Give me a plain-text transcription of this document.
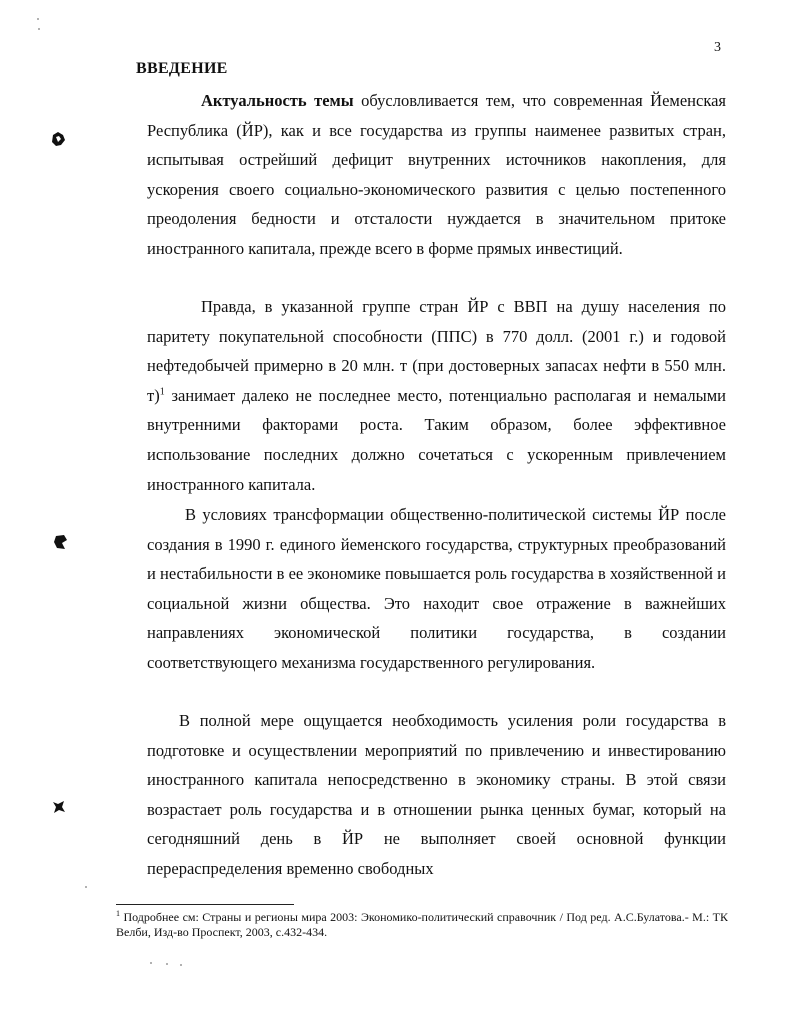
3
ВВЕДЕНИЕ

Актуальность темы обусловливается тем, что современная Йеменская Республика (ЙР), как и все государства из группы наименее развитых стран, испытывая острейший дефицит внутренних источников накопления, для ускорения своего социально-экономического развития с целью постепенного преодоления бедности и отсталости нуждается в значительном притоке иностранного капитала, прежде всего в форме прямых инвестиций.

Правда, в указанной группе стран ЙР с ВВП на душу населения по паритету покупательной способности (ППС) в 770 долл. (2001 г.) и годовой нефтедобычей примерно в 20 млн. т (при достоверных запасах нефти в 550 млн. т)$^1$ занимает далеко не последнее место, потенциально располагая и немалыми внутренними факторами роста. Таким образом, более эффективное использование последних должно сочетаться с ускоренным привлечением иностранного капитала.

В условиях трансформации общественно-политической системы ЙР после создания в 1990 г. единого йеменского государства, структурных преобразований и нестабильности в ее экономике повышается роль государства в хозяйственной и социальной жизни общества. Это находит свое отражение в важнейших направлениях экономической политики государства, в создании соответствующего механизма государственного регулирования.

В полной мере ощущается необходимость усиления роли государства в подготовке и осуществлении мероприятий по привлечению и инвестированию иностранного капитала непосредственно в экономику страны. В этой связи возрастает роль государства и в отношении рынка ценных бумаг, который на сегодняшний день в ЙР не выполняет своей основной функции перераспределения временно свободных

$^1$ Подробнее см: Страны и регионы мира 2003: Экономико-политический справочник / Под ред. А.С.Булатова.- М.: ТК Велби, Изд-во Проспект, 2003, с.432-434.
